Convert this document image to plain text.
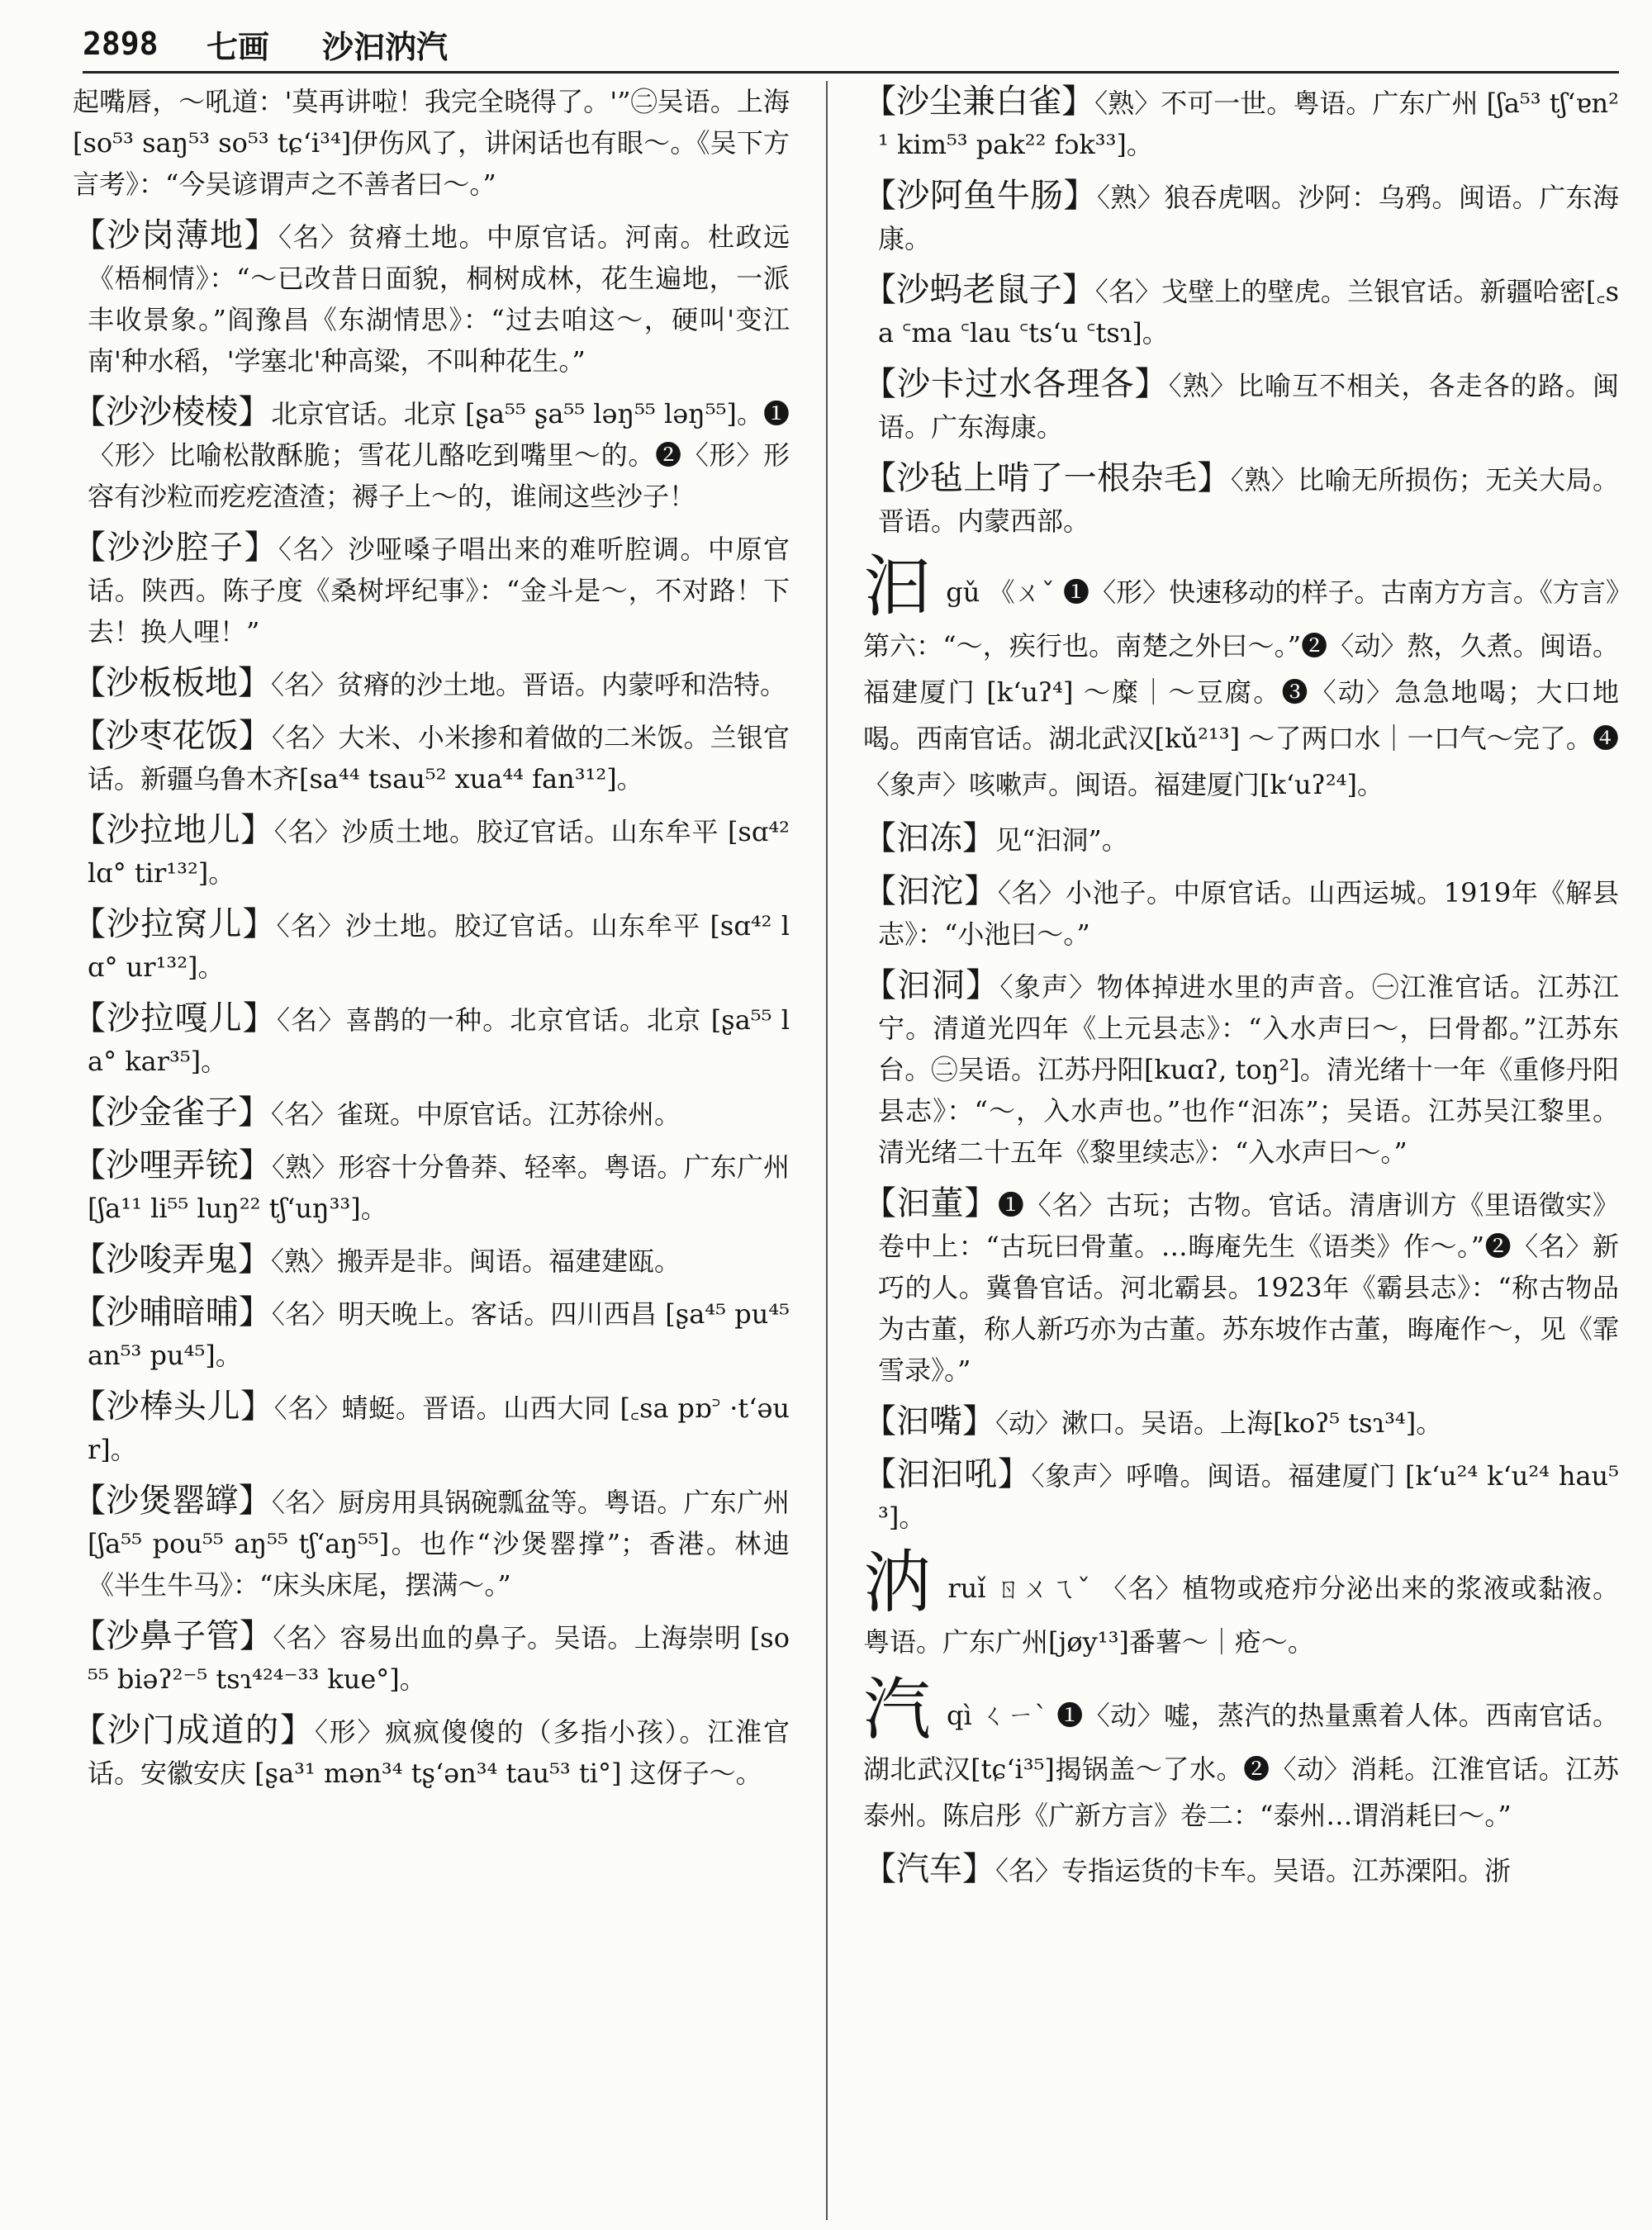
2898	七画	沙汩汭汽

起嘴唇，～吼道：'莫再讲啦！我完全晓得了。'”㊁吴语。上海[so⁵³ saŋ⁵³ so⁵³ tɕʻi³⁴]伊伤风了，讲闲话也有眼～。《吴下方言考》：“今吴谚谓声之不善者曰～。”

【沙岗薄地】〈名〉贫瘠土地。中原官话。河南。杜政远《梧桐情》：“～已改昔日面貌，桐树成林，花生遍地，一派丰收景象。”阎豫昌《东湖情思》：“过去咱这～，硬叫'变江南'种水稻，'学塞北'种高粱，不叫种花生。”

【沙沙棱棱】北京官话。北京 [ʂa⁵⁵ ʂa⁵⁵ ləŋ⁵⁵ ləŋ⁵⁵]。❶〈形〉比喻松散酥脆；雪花儿酪吃到嘴里～的。❷〈形〉形容有沙粒而疙疙渣渣；褥子上～的，谁闹这些沙子！

【沙沙腔子】〈名〉沙哑嗓子唱出来的难听腔调。中原官话。陕西。陈子度《桑树坪纪事》：“金斗是～，不对路！下去！换人哩！”

【沙板板地】〈名〉贫瘠的沙土地。晋语。内蒙呼和浩特。

【沙枣花饭】〈名〉大米、小米掺和着做的二米饭。兰银官话。新疆乌鲁木齐[sa⁴⁴ tsau⁵² xua⁴⁴ fan³¹²]。

【沙拉地儿】〈名〉沙质土地。胶辽官话。山东牟平 [sɑ⁴² lɑ° tir¹³²]。

【沙拉窝儿】〈名〉沙土地。胶辽官话。山东牟平 [sɑ⁴² lɑ° ur¹³²]。

【沙拉嘎儿】〈名〉喜鹊的一种。北京官话。北京 [ʂa⁵⁵ la° kar³⁵]。

【沙金雀子】〈名〉雀斑。中原官话。江苏徐州。

【沙哩弄铳】〈熟〉形容十分鲁莽、轻率。粤语。广东广州[ʃa¹¹ li⁵⁵ luŋ²² tʃʻuŋ³³]。

【沙唆弄鬼】〈熟〉搬弄是非。闽语。福建建瓯。

【沙晡暗晡】〈名〉明天晚上。客话。四川西昌 [ʂa⁴⁵ pu⁴⁵ an⁵³ pu⁴⁵]。

【沙棒头儿】〈名〉蜻蜓。晋语。山西大同 [꜀sa pɒ꜄ ·tʻəur]。

【沙煲罂罉】〈名〉厨房用具锅碗瓢盆等。粤语。广东广州[ʃa⁵⁵ pou⁵⁵ aŋ⁵⁵ tʃʻaŋ⁵⁵]。也作“沙煲罂撑”；香港。林迪《半生牛马》：“床头床尾，摆满～。”

【沙鼻子管】〈名〉容易出血的鼻子。吴语。上海崇明 [so⁵⁵ biəʔ²⁻⁵ tsɿ⁴²⁴⁻³³ kue°]。

【沙门成道的】〈形〉疯疯傻傻的（多指小孩）。江淮官话。安徽安庆 [ʂa³¹ mən³⁴ tʂʻən³⁴ tau⁵³ ti°] 这伢子～。

【沙尘兼白雀】〈熟〉不可一世。粤语。广东广州 [ʃa⁵³ tʃʻɐn²¹ kim⁵³ pak²² fɔk³³]。

【沙阿鱼牛肠】〈熟〉狼吞虎咽。沙阿：乌鸦。闽语。广东海康。

【沙蚂老鼠子】〈名〉戈壁上的壁虎。兰银官话。新疆哈密[꜀sa ꜂ma ꜂lau ꜂tsʻu ꜂tsɿ]。

【沙卡过水各理各】〈熟〉比喻互不相关，各走各的路。闽语。广东海康。

【沙毡上啃了一根杂毛】〈熟〉比喻无所损伤；无关大局。晋语。内蒙西部。

汩 gǔ 《ㄨˇ ❶〈形〉快速移动的样子。古南方方言。《方言》第六：“～，疾行也。南楚之外曰～。”❷〈动〉熬，久煮。闽语。福建厦门 [kʻuʔ⁴] ～糜｜～豆腐。❸〈动〉急急地喝；大口地喝。西南官话。湖北武汉[kǔ²¹³] ～了两口水｜一口气～完了。❹〈象声〉咳嗽声。闽语。福建厦门[kʻuʔ²⁴]。

【汩冻】见“汩洞”。

【汩沱】〈名〉小池子。中原官话。山西运城。1919年《解县志》：“小池曰～。”

【汩洞】〈象声〉物体掉进水里的声音。㊀江淮官话。江苏江宁。清道光四年《上元县志》：“入水声曰～，曰骨都。”江苏东台。㊁吴语。江苏丹阳[kuɑʔ, toŋ²]。清光绪十一年《重修丹阳县志》：“～，入水声也。”也作“汩冻”；吴语。江苏吴江黎里。清光绪二十五年《黎里续志》：“入水声曰～。”

【汩董】❶〈名〉古玩；古物。官话。清唐训方《里语徵实》卷中上：“古玩曰骨董。…晦庵先生《语类》作～。”❷〈名〉新巧的人。冀鲁官话。河北霸县。1923年《霸县志》：“称古物品为古董，称人新巧亦为古董。苏东坡作古董，晦庵作～，见《霏雪录》。”

【汩嘴】〈动〉漱口。吴语。上海[koʔ⁵ tsɿ³⁴]。

【汩汩吼】〈象声〉呼噜。闽语。福建厦门 [kʻu²⁴ kʻu²⁴ hau⁵³]。

汭 ruǐ ㄖㄨㄟˇ 〈名〉植物或疮疖分泌出来的浆液或黏液。粤语。广东广州[jøy¹³]番薯～｜疮～。

汽 qì ㄑㄧˋ ❶〈动〉嘘，蒸汽的热量熏着人体。西南官话。湖北武汉[tɕʻi³⁵]揭锅盖～了水。❷〈动〉消耗。江淮官话。江苏泰州。陈启彤《广新方言》卷二：“泰州…谓消耗曰～。”

【汽车】〈名〉专指运货的卡车。吴语。江苏溧阳。浙
